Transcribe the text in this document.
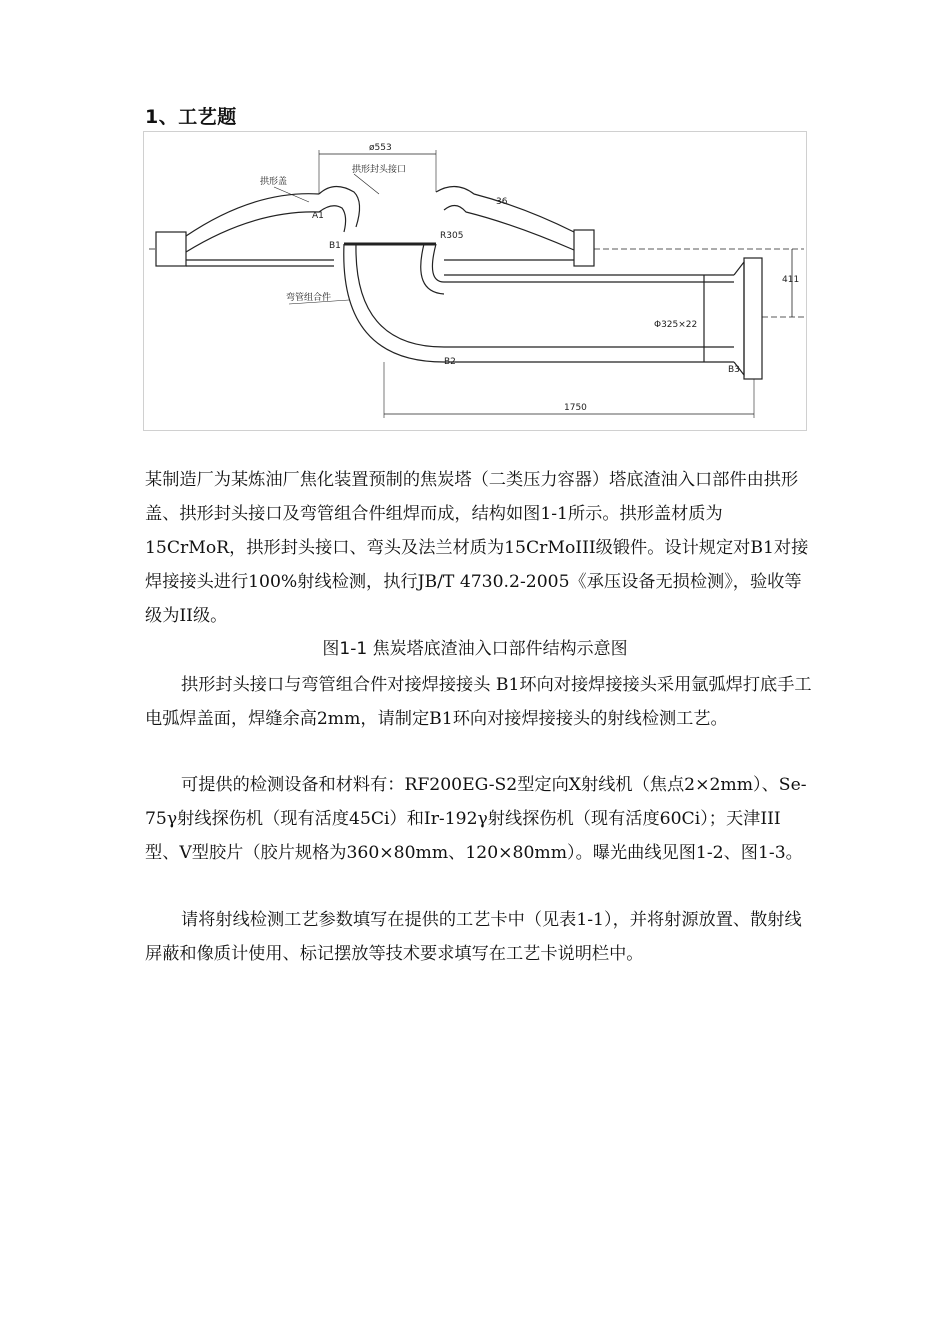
1、工艺题
ø553
拱形封头接口
拱形盖
A1
B1
36
R305
弯管组合件
Φ325×22
B2
B3
411
1750

某制造厂为某炼油厂焦化装置预制的焦炭塔（二类压力容器）塔底渣油入口部件由拱形盖、拱形封头接口及弯管组合件组焊而成，结构如图1-1所示。拱形盖材质为15CrMoR，拱形封头接口、弯头及法兰材质为15CrMoIII级锻件。设计规定对B1对接焊接接头进行100%射线检测，执行JB/T 4730.2-2005《承压设备无损检测》，验收等级为II级。

图1-1 焦炭塔底渣油入口部件结构示意图

拱形封头接口与弯管组合件对接焊接接头 B1环向对接焊接接头采用氩弧焊打底手工电弧焊盖面，焊缝余高2mm，请制定B1环向对接焊接接头的射线检测工艺。

可提供的检测设备和材料有：RF200EG-S2型定向X射线机（焦点2×2mm）、Se-75γ射线探伤机（现有活度45Ci）和Ir-192γ射线探伤机（现有活度60Ci）；天津III型、V型胶片（胶片规格为360×80mm、120×80mm）。曝光曲线见图1-2、图1-3。

请将射线检测工艺参数填写在提供的工艺卡中（见表1-1），并将射源放置、散射线屏蔽和像质计使用、标记摆放等技术要求填写在工艺卡说明栏中。
